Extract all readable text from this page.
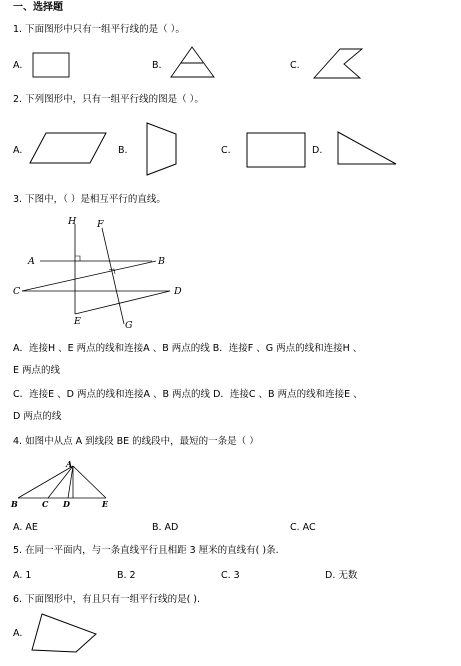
一、选择题
1. 下面图形中只有一组平行线的是（ ）。
A.	B.	C.
2. 下列图形中，只有一组平行线的图是（ ）。
A.	B.	C.	D.
3. 下图中，（ ）是相互平行的直线。
H F
A	B
C	D
E	G
A．连接H 、E 两点的线和连接A 、B 两点的线 B．连接F 、G 两点的线和连接H 、
E 两点的线
C．连接E 、D 两点的线和连接A 、B 两点的线 D．连接C 、B 两点的线和连接E 、
D 两点的线
4. 如图中从点 A 到线段 BE 的线段中，最短的一条是（ ）
A
B	C D	E
A. AE	B. AD	C. AC
5. 在同一平面内，与一条直线平行且相距 3 厘米的直线有( )条.
A. 1	B. 2	C. 3	D. 无数
6. 下面图形中，有且只有一组平行线的是( ).
A.
